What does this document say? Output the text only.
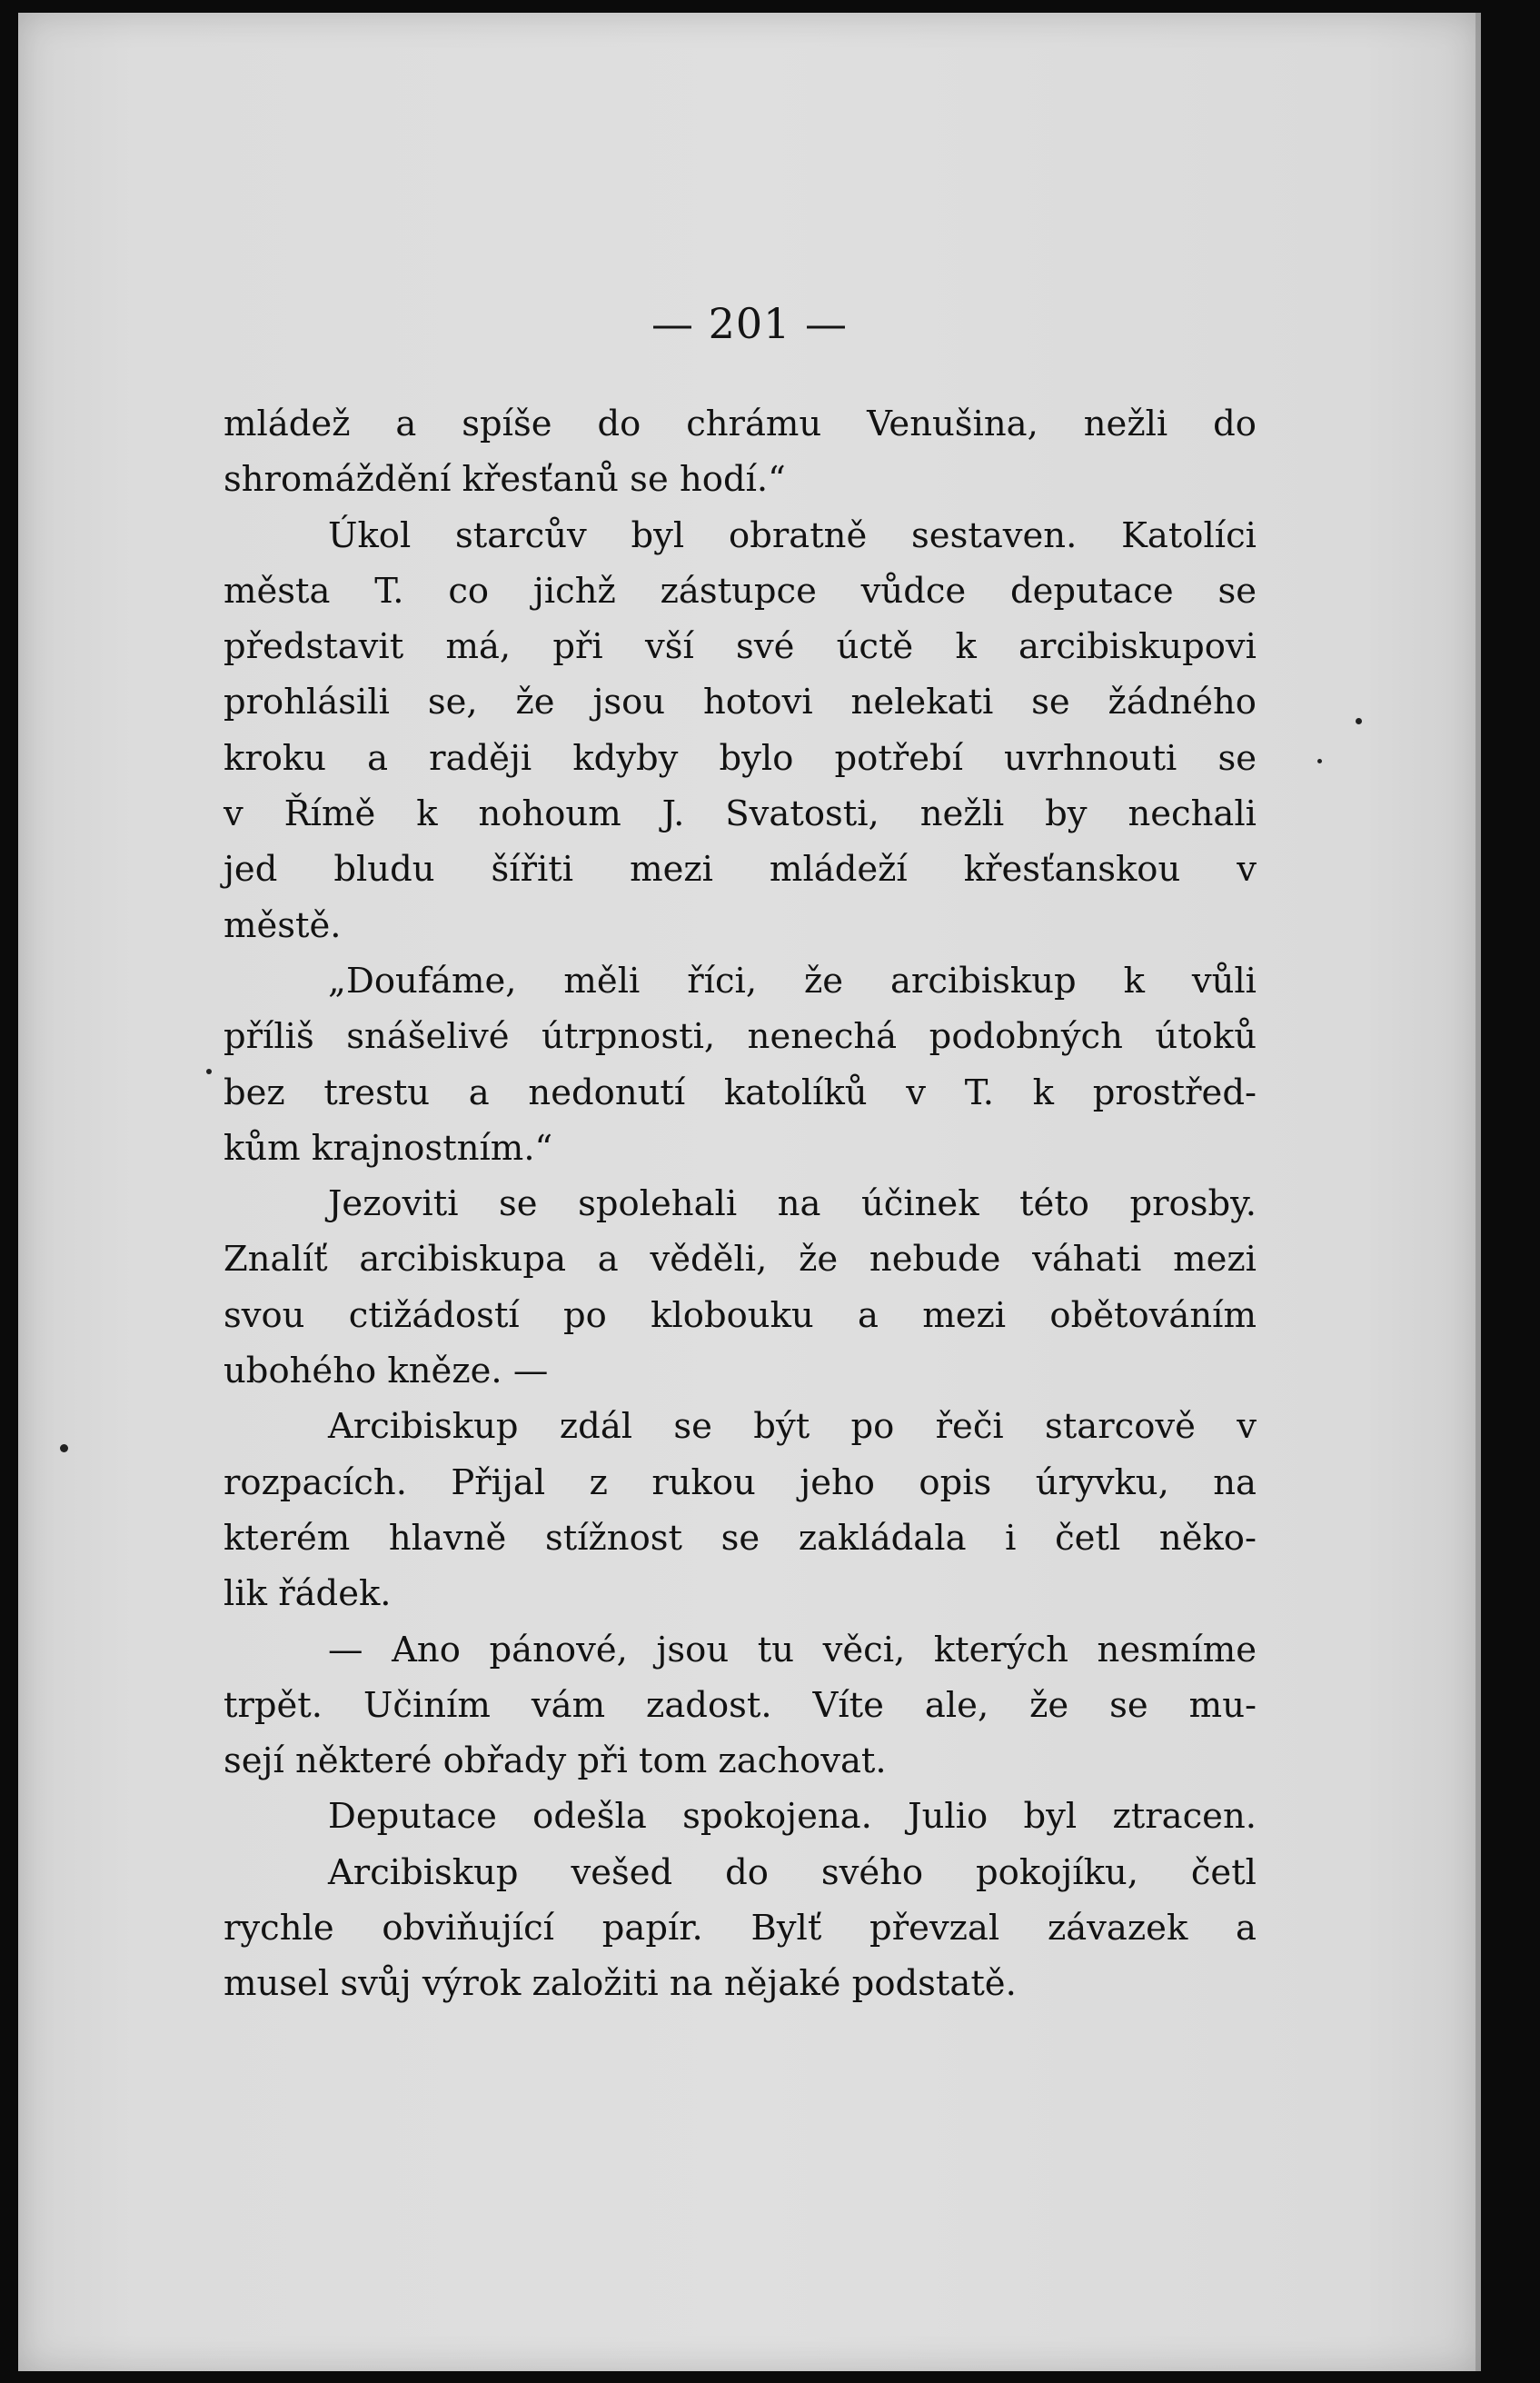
— 201 —
mládež a spíše do chrámu Venušina, nežli do
shromáždění křesťanů se hodí.“
Úkol starcův byl obratně sestaven. Katolíci
města T. co jichž zástupce vůdce deputace se
představit má, při vší své úctě k arcibiskupovi
prohlásili se, že jsou hotovi nelekati se žádného
kroku a raději kdyby bylo potřebí uvrhnouti se
v Římě k nohoum J. Svatosti, nežli by nechali
jed bludu šířiti mezi mládeží křesťanskou v
městě.
„Doufáme, měli říci, že arcibiskup k vůli
příliš snášelivé útrpnosti, nenechá podobných útoků
bez trestu a nedonutí katolíků v T. k prostřed-
kům krajnostním.“
Jezoviti se spolehali na účinek této prosby.
Znalíť arcibiskupa a věděli, že nebude váhati mezi
svou ctižádostí po klobouku a mezi obětováním
ubohého kněze. —
Arcibiskup zdál se být po řeči starcově v
rozpacích. Přijal z rukou jeho opis úryvku, na
kterém hlavně stížnost se zakládala i četl něko-
lik řádek.
— Ano pánové, jsou tu věci, kterých nesmíme
trpět. Učiním vám zadost. Víte ale, že se mu-
sejí některé obřady při tom zachovat.
Deputace odešla spokojena. Julio byl ztracen.
Arcibiskup vešed do svého pokojíku, četl
rychle obviňující papír. Bylť převzal závazek a
musel svůj výrok založiti na nějaké podstatě.
